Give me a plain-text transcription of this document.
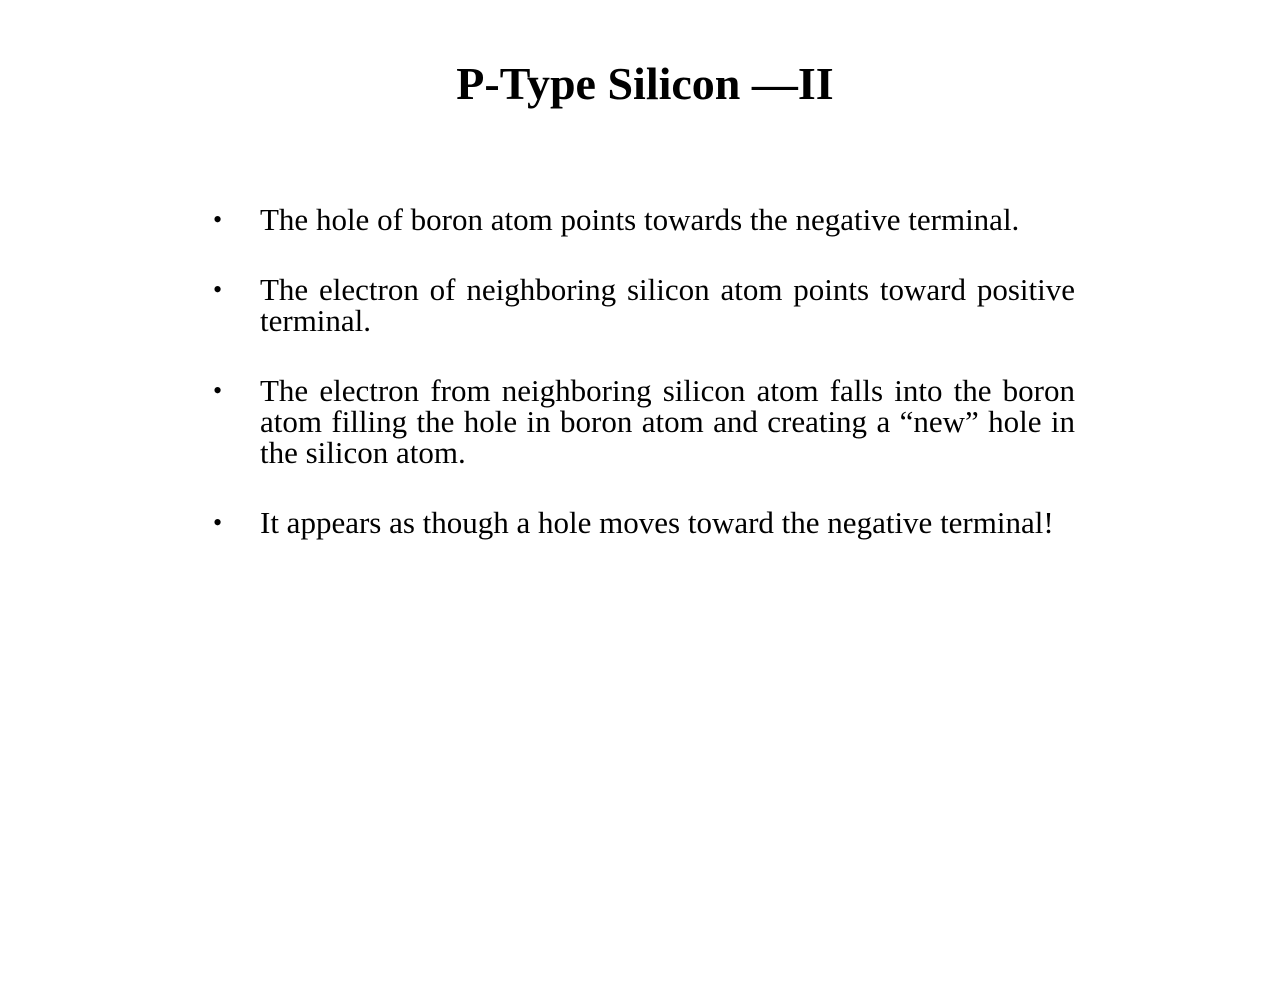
P-Type Silicon —II
• The hole of boron atom points towards the negative terminal.
• The electron of neighboring silicon atom points toward positive terminal.
• The electron from neighboring silicon atom falls into the boron atom filling the hole in boron atom and creating a “new” hole in the silicon atom.
• It appears as though a hole moves toward the negative terminal!
